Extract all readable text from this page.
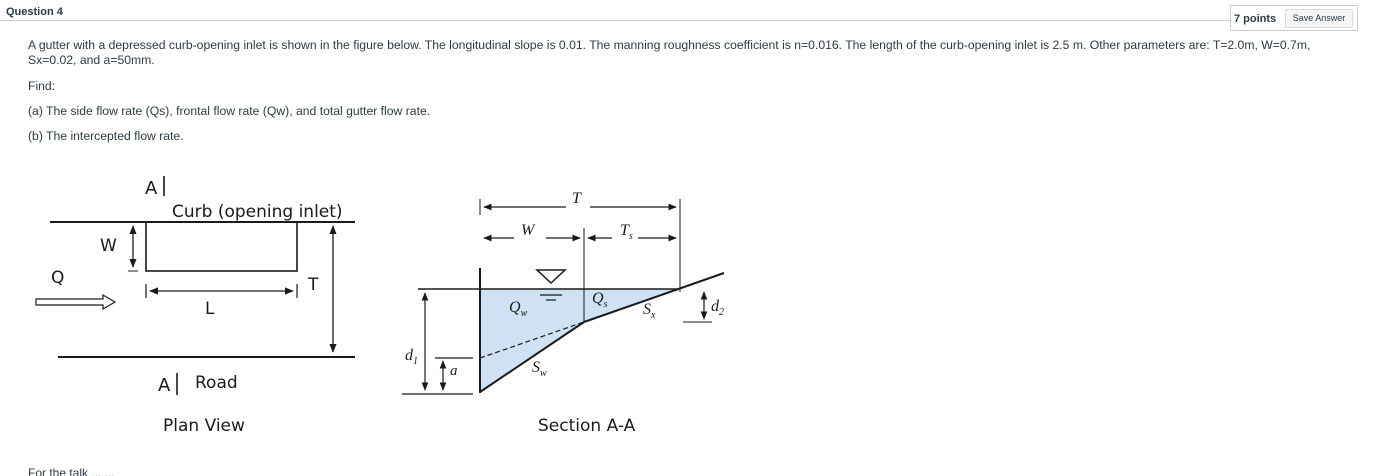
Question 4
7 points	Save Answer
A gutter with a depressed curb-opening inlet is shown in the figure below. The longitudinal slope is 0.01. The manning roughness coefficient is n=0.016. The length of the curb-opening inlet is 2.5 m. Other parameters are: T=2.0m, W=0.7m, Sx=0.02, and a=50mm.
Find:
(a) The side flow rate (Qs), frontal flow rate (Qw), and total gutter flow rate.
(b) The intercepted flow rate.
A
A
Curb (opening inlet)
W
Q	T
L
Road
Plan View
T
W	$T_s$
$Q_w$
$Q_s$ $S_x$
$S_w$
$d_1$
a
$d_2$
Section A-A
For the talk ... ...
